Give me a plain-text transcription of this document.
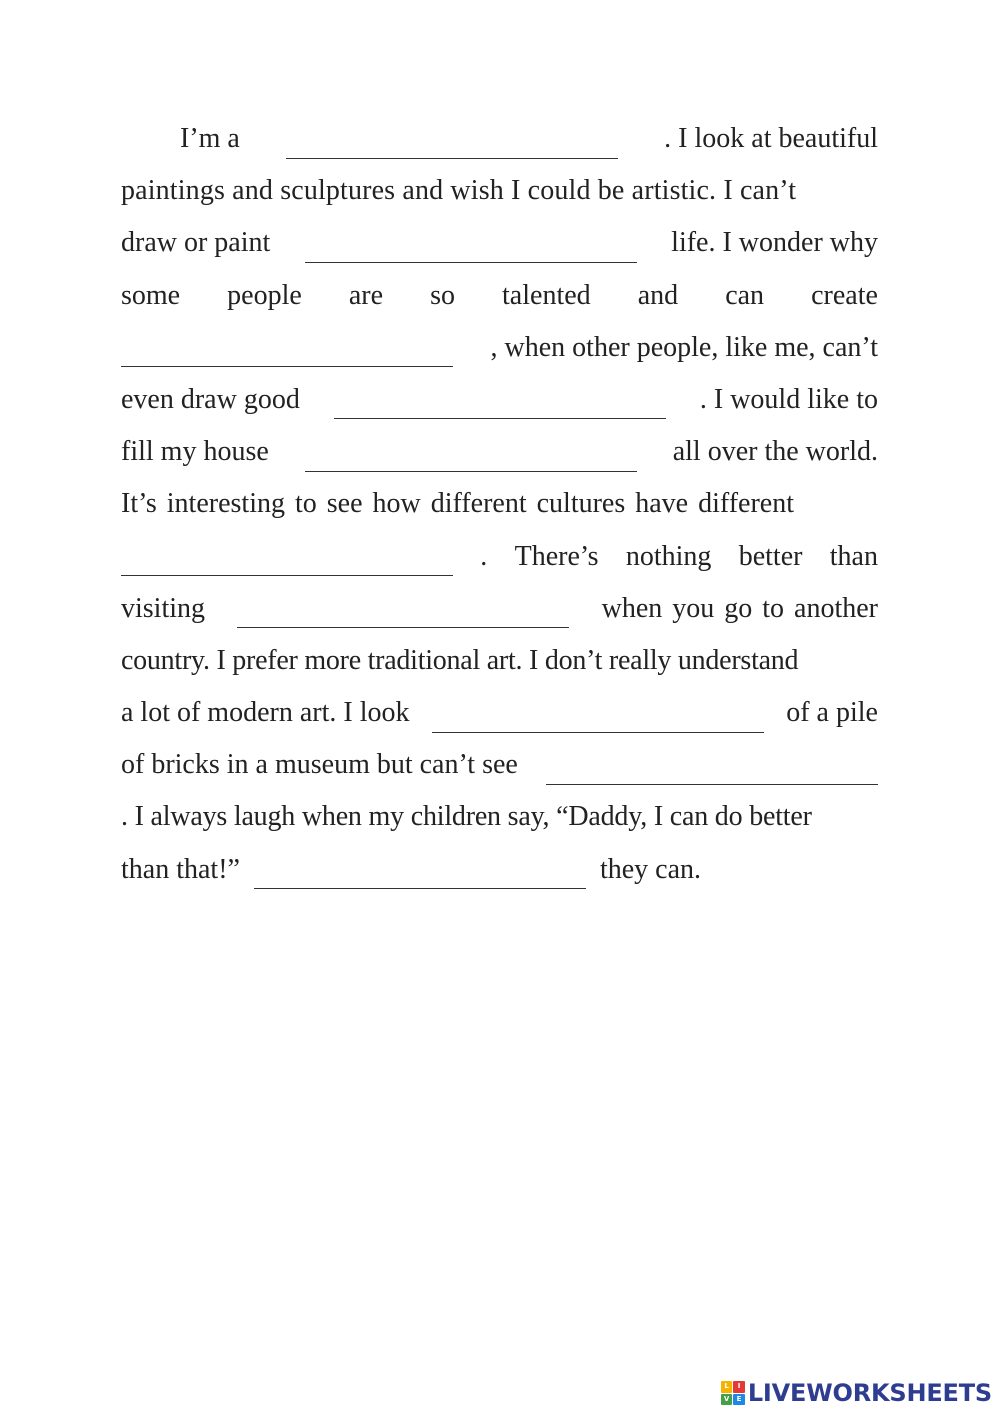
I’m a	. I look at beautiful
paintings and sculptures and wish I could be artistic. I can’t
draw or paint	life. I wonder why
some people are so talented and can create
, when other people, like me, can’t
even draw good	. I would like to
fill my house	all over the world.
It’s interesting to see how different cultures have different
. There’s nothing better than
visiting	when you go to another
country. I prefer more traditional art. I don’t really understand
a lot of modern art. I look	of a pile
of bricks in a museum but can’t see
. I always laugh when my children say, “Daddy, I can do better
than that!”	they can.
L	I
V	E LIVEWORKSHEETS
